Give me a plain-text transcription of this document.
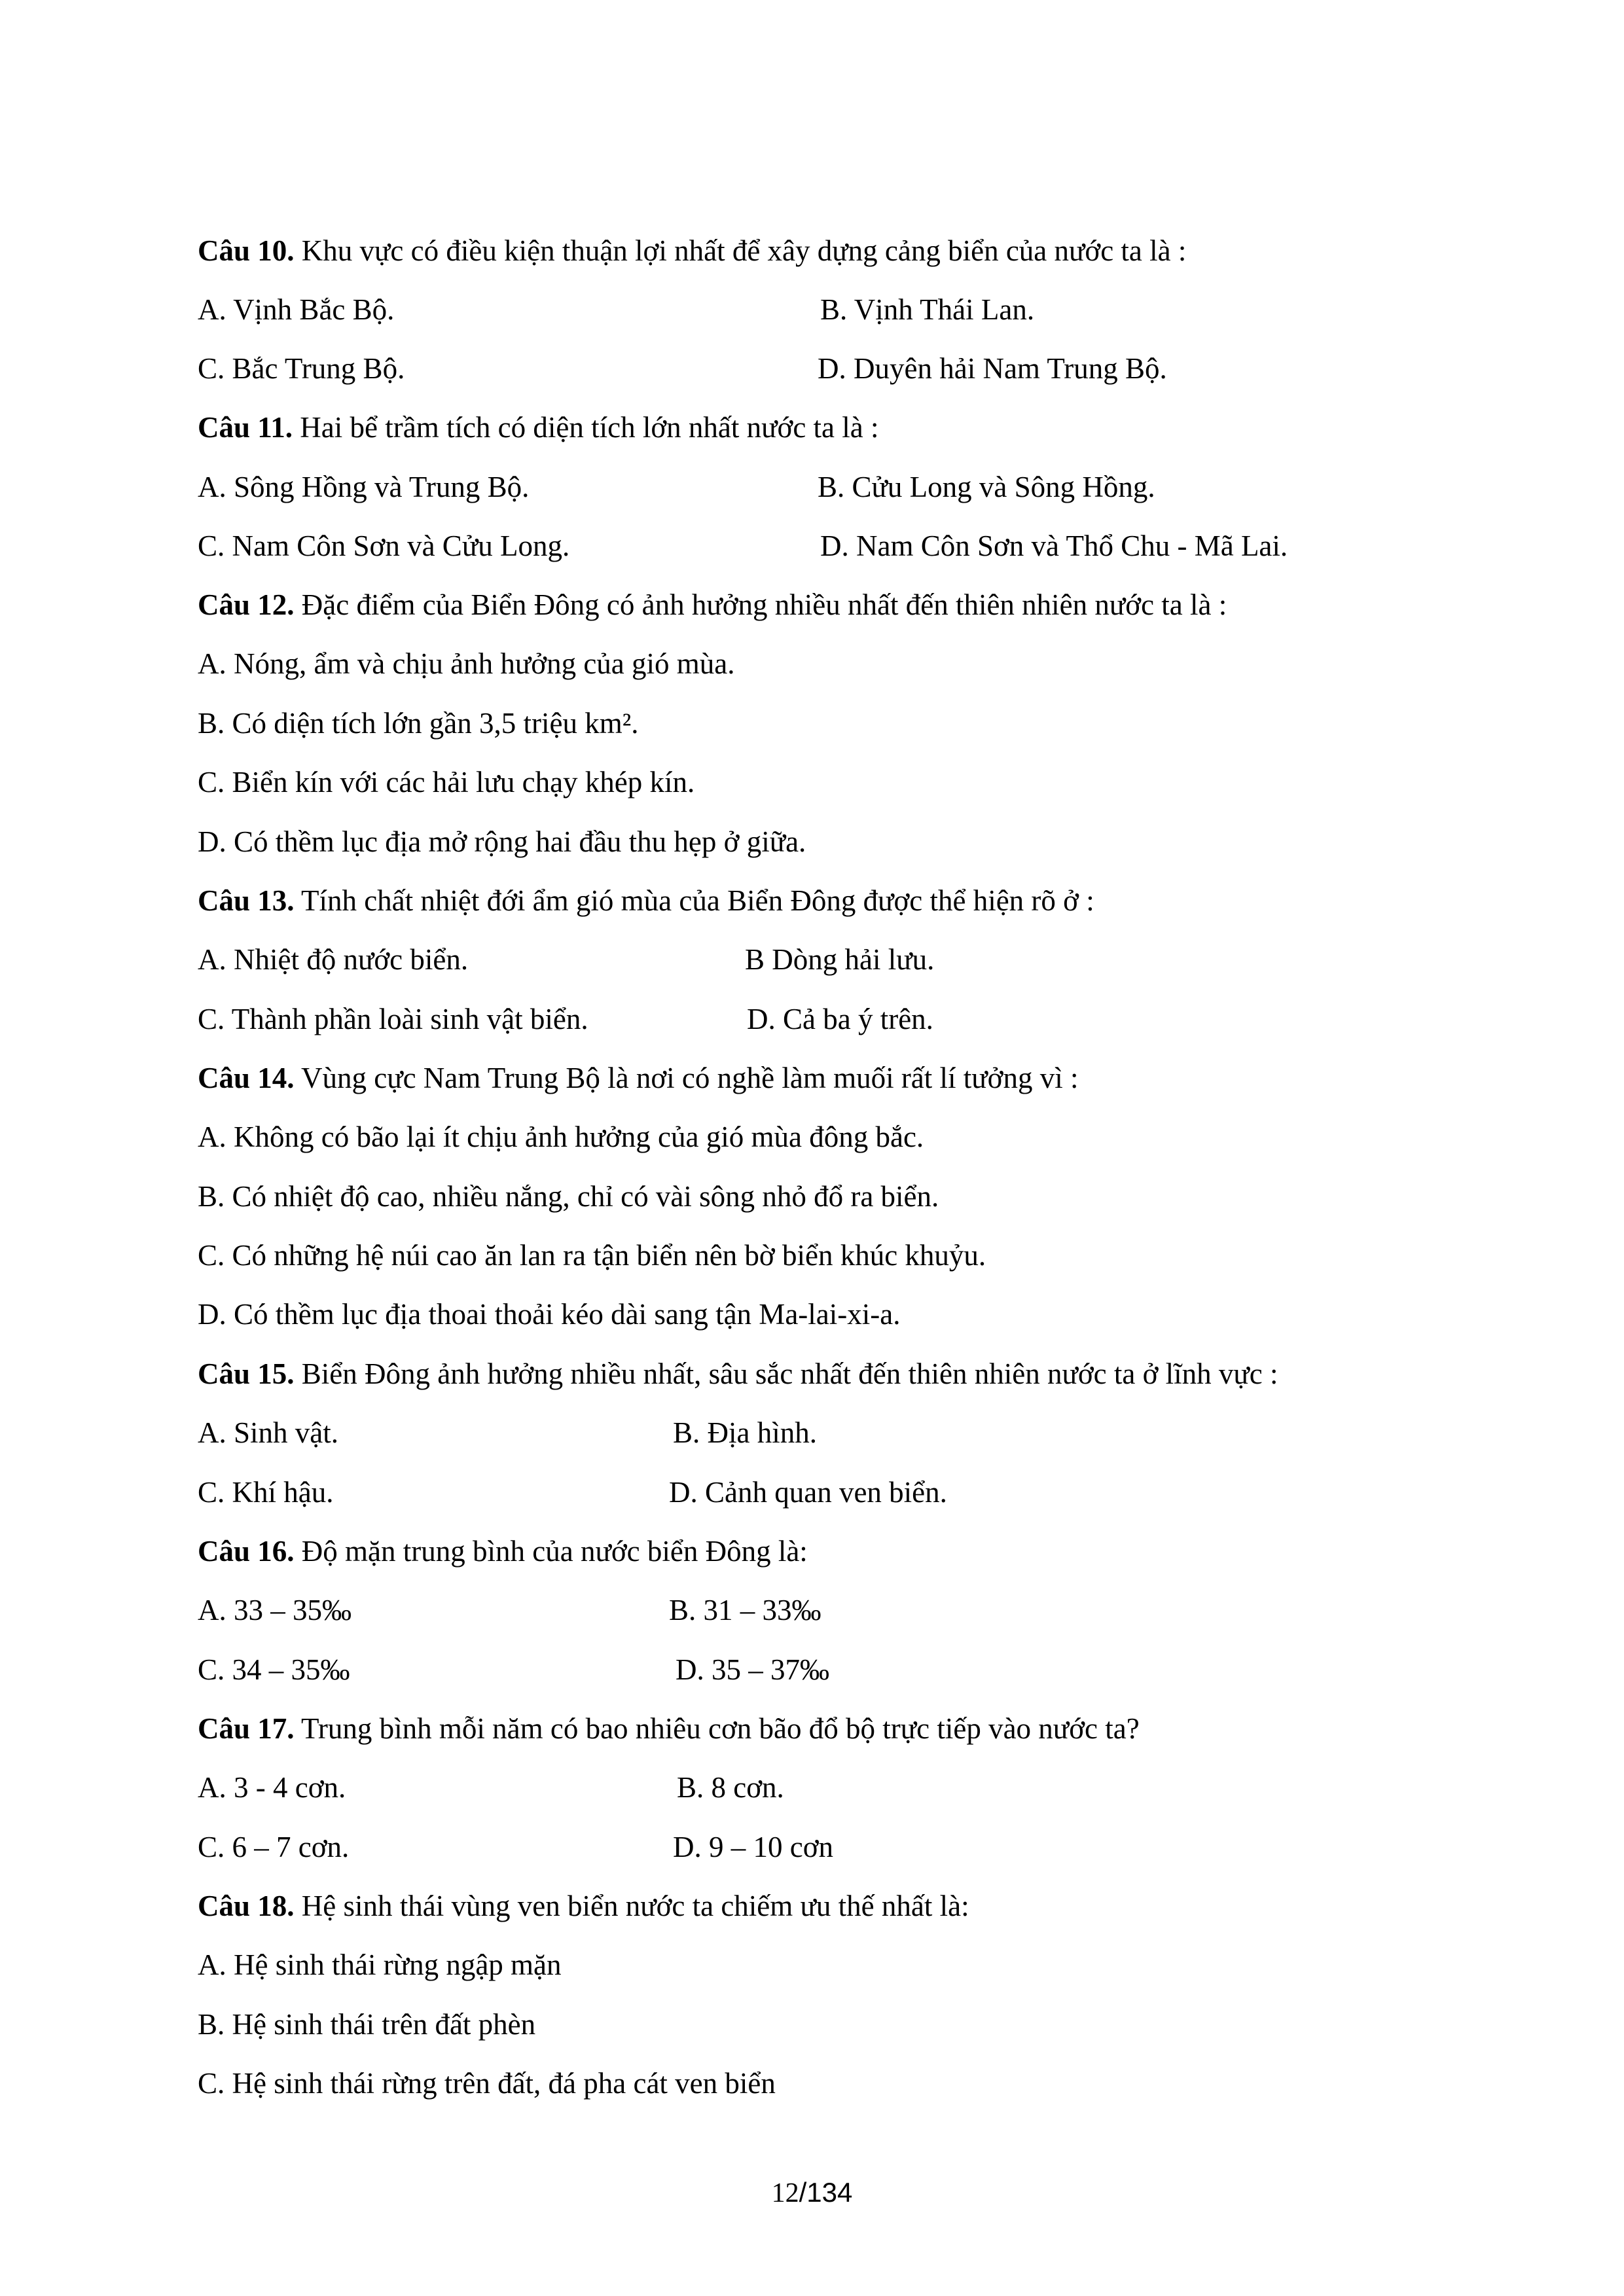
Câu 10. Khu vực có điều kiện thuận lợi nhất để xây dựng cảng biển của nước ta là :
A. Vịnh Bắc Bộ.	B. Vịnh Thái Lan.
C. Bắc Trung Bộ.	D. Duyên hải Nam Trung Bộ.
Câu 11. Hai bể trầm tích có diện tích lớn nhất nước ta là :
A. Sông Hồng và Trung Bộ.	B. Cửu Long và Sông Hồng.
C. Nam Côn Sơn và Cửu Long.	D. Nam Côn Sơn và Thổ Chu - Mã Lai.
Câu 12. Đặc điểm của Biển Đông có ảnh hưởng nhiều nhất đến thiên nhiên nước ta là :
A. Nóng, ẩm và chịu ảnh hưởng của gió mùa.
B. Có diện tích lớn gần 3,5 triệu km².
C. Biển kín với các hải lưu chạy khép kín.
D. Có thềm lục địa mở rộng hai đầu thu hẹp ở giữa.
Câu 13. Tính chất nhiệt đới ẩm gió mùa của Biển Đông được thể hiện rõ ở :
A. Nhiệt độ nước biển.	B Dòng hải lưu.
C. Thành phần loài sinh vật biển.	D. Cả ba ý trên.
Câu 14. Vùng cực Nam Trung Bộ là nơi có nghề làm muối rất lí tưởng vì :
A. Không có bão lại ít chịu ảnh hưởng của gió mùa đông bắc.
B. Có nhiệt độ cao, nhiều nắng, chỉ có vài sông nhỏ đổ ra biển.
C. Có những hệ núi cao ăn lan ra tận biển nên bờ biển khúc khuỷu.
D. Có thềm lục địa thoai thoải kéo dài sang tận Ma-lai-xi-a.
Câu 15. Biển Đông ảnh hưởng nhiều nhất, sâu sắc nhất đến thiên nhiên nước ta ở lĩnh vực :
A. Sinh vật.	B. Địa hình.
C. Khí hậu.	D. Cảnh quan ven biển.
Câu 16. Độ mặn trung bình của nước biển Đông là:
A. 33 – 35‰	B. 31 – 33‰
C. 34 – 35‰	D. 35 – 37‰
Câu 17. Trung bình mỗi năm có bao nhiêu cơn bão đổ bộ trực tiếp vào nước ta?
A. 3 - 4 cơn.	B. 8 cơn.
C. 6 – 7 cơn.	D. 9 – 10 cơn
Câu 18. Hệ sinh thái vùng ven biển nước ta chiếm ưu thế nhất là:
A. Hệ sinh thái rừng ngập mặn
B. Hệ sinh thái trên đất phèn
C. Hệ sinh thái rừng trên đất, đá pha cát ven biển
12/134
